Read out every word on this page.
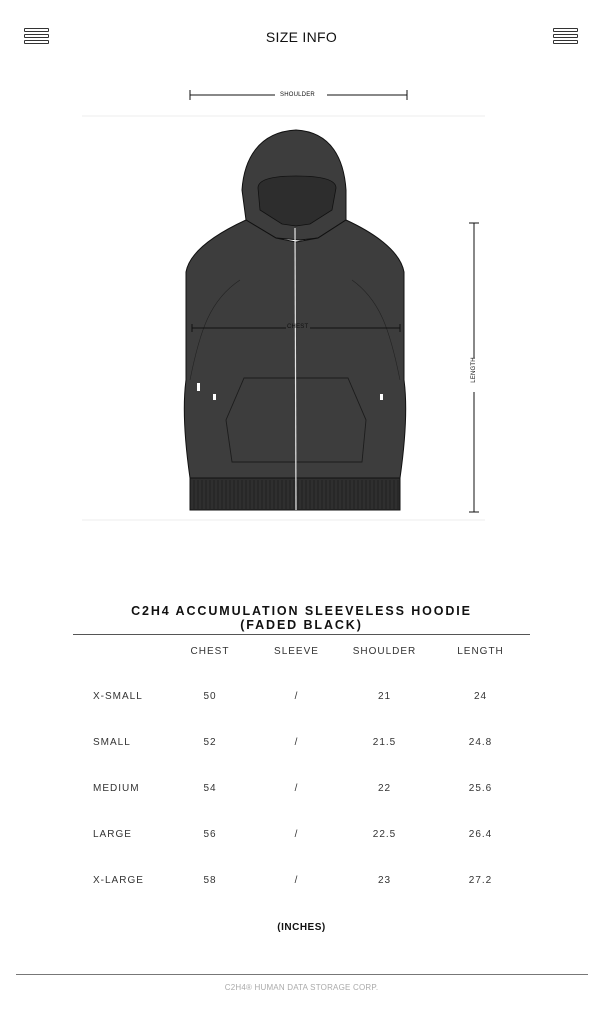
SIZE INFO
SHOULDER
CHEST
LENGTH
C2H4 ACCUMULATION SLEEVELESS HOODIE
(FADED BLACK)
	CHEST	SLEEVE	SHOULDER	LENGTH
X-SMALL	50	/	21	24
SMALL	52	/	21.5	24.8
MEDIUM	54	/	22	25.6
LARGE	56	/	22.5	26.4
X-LARGE	58	/	23	27.2
(INCHES)
C2H4® HUMAN DATA STORAGE CORP.
